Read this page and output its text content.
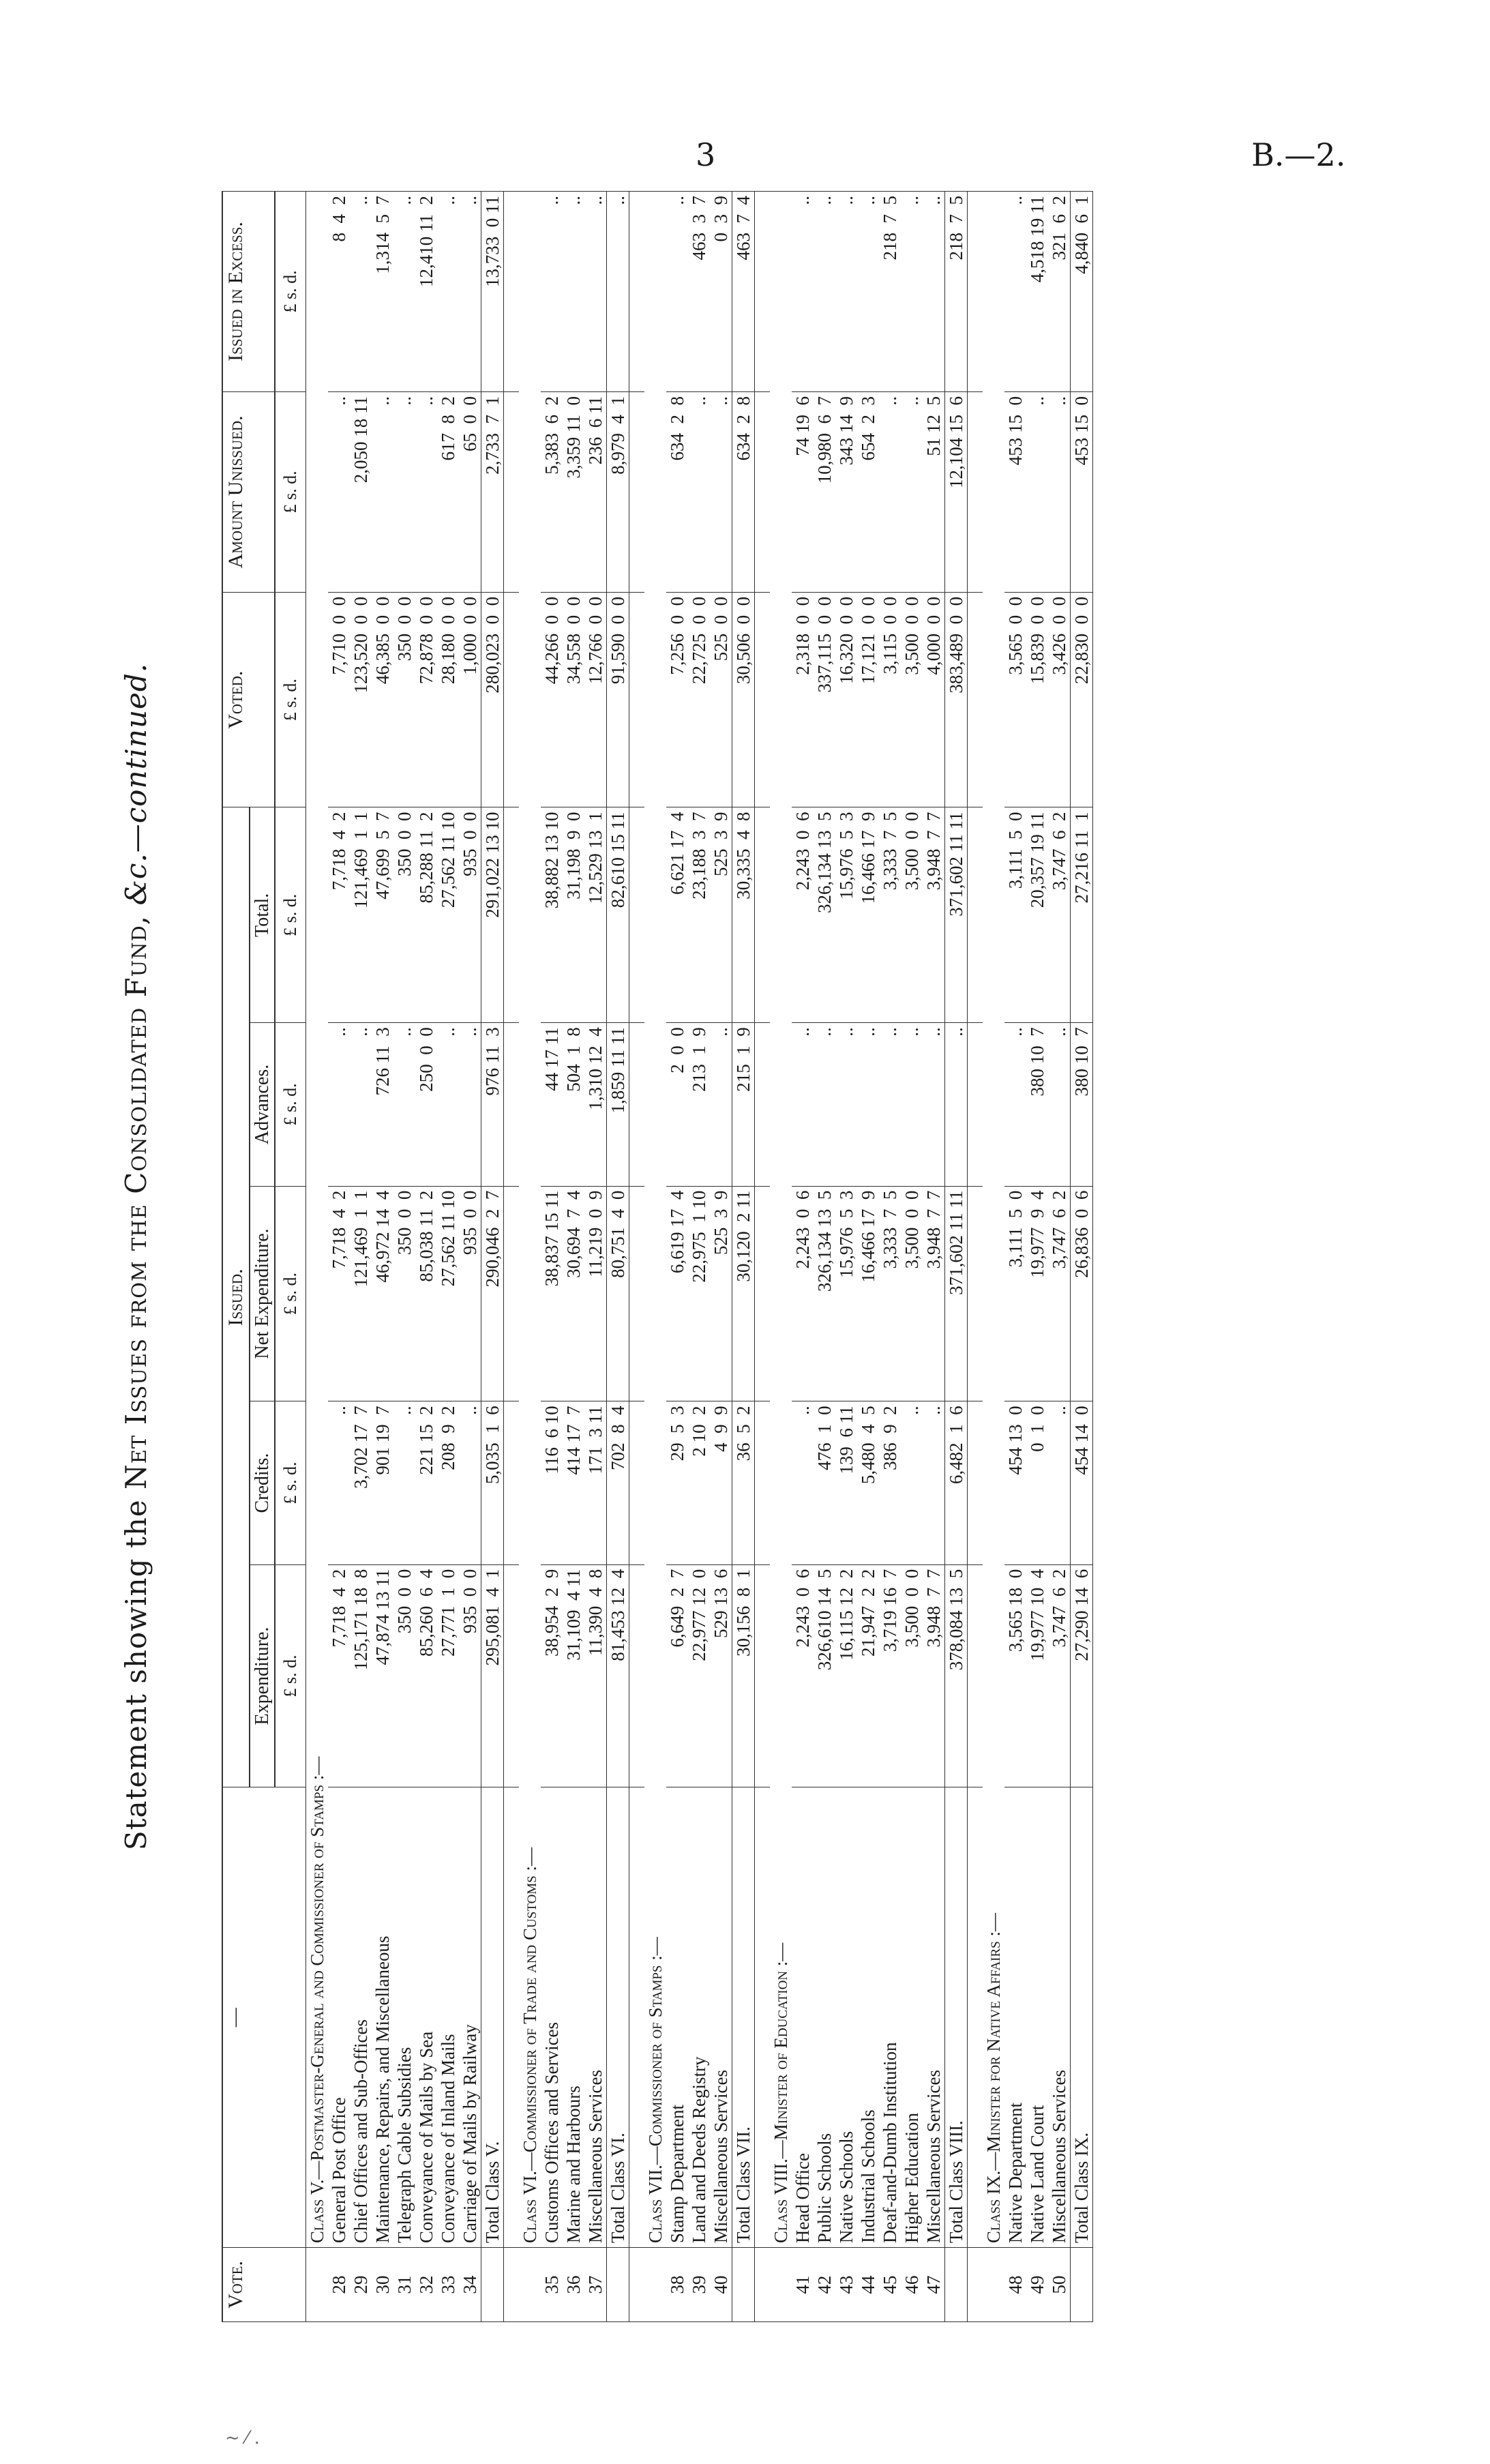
3	B.—2.
Statement showing the Net Issues from the Consolidated Fund, &c.—continued.
Vote.	—	Issued.					Voted.	Amount Unissued.	Issued in Excess.
		Expenditure.	Credits.	Net Expenditure.	Advances.	Total.			
		£ s. d.	£ s. d.	£ s. d.	£ s. d.	£ s. d.	£ s. d.	£ s. d.	£ s. d.
	Class V.—Postmaster-General and Commissioner of Stamps :—								
28	General Post Office	7,718  4  2	..	7,718  4  2	..	7,718  4  2	7,710  0  0	..	8  4  2
29	Chief Offices and Sub-Offices	125,171 18  8	3,702 17  7	121,469  1  1	..	121,469  1  1	123,520  0  0	2,050 18 11	..
30	Maintenance, Repairs, and Miscellaneous	47,874 13 11	901 19  7	46,972 14  4	726 11  3	47,699  5  7	46,385  0  0	..	1,314  5  7
31	Telegraph Cable Subsidies	350  0  0	..	350  0  0	..	350  0  0	350  0  0	..	..
32	Conveyance of Mails by Sea	85,260  6  4	221 15  2	85,038 11  2	250  0  0	85,288 11  2	72,878  0  0	..	12,410 11  2
33	Conveyance of Inland Mails	27,771  1  0	208  9  2	27,562 11 10	..	27,562 11 10	28,180  0  0	617  8  2	..
34	Carriage of Mails by Railway	935  0  0	..	935  0  0	..	935  0  0	1,000  0  0	65  0  0	..
	Total Class V.	295,081  4  1	5,035  1  6	290,046  2  7	976 11  3	291,022 13 10	280,023  0  0	2,733  7  1	13,733  0 11

	Class VI.—Commissioner of Trade and Customs :—								
35	Customs Offices and Services	38,954  2  9	116  6 10	38,837 15 11	44 17 11	38,882 13 10	44,266  0  0	5,383  6  2	..
36	Marine and Harbours	31,109  4 11	414 17  7	30,694  7  4	504  1  8	31,198  9  0	34,558  0  0	3,359 11  0	..
37	Miscellaneous Services	11,390  4  8	171  3 11	11,219  0  9	1,310 12  4	12,529 13  1	12,766  0  0	236  6 11	..
	Total Class VI.	81,453 12  4	702  8  4	80,751  4  0	1,859 11 11	82,610 15 11	91,590  0  0	8,979  4  1	..

	Class VII.—Commissioner of Stamps :—								
38	Stamp Department	6,649  2  7	29  5  3	6,619 17  4	2  0  0	6,621 17  4	7,256  0  0	634  2  8	..
39	Land and Deeds Registry	22,977 12  0	2 10  2	22,975  1 10	213  1  9	23,188  3  7	22,725  0  0	..	463  3  7
40	Miscellaneous Services	529 13  6	4  9  9	525  3  9	..	525  3  9	525  0  0	..	0  3  9
	Total Class VII.	30,156  8  1	36  5  2	30,120  2 11	215  1  9	30,335  4  8	30,506  0  0	634  2  8	463  7  4

	Class VIII.—Minister of Education :—								
41	Head Office	2,243  0  6	..	2,243  0  6	..	2,243  0  6	2,318  0  0	74 19  6	..
42	Public Schools	326,610 14  5	476  1  0	326,134 13  5	..	326,134 13  5	337,115  0  0	10,980  6  7	..
43	Native Schools	16,115 12  2	139  6 11	15,976  5  3	..	15,976  5  3	16,320  0  0	343 14  9	..
44	Industrial Schools	21,947  2  2	5,480  4  5	16,466 17  9	..	16,466 17  9	17,121  0  0	654  2  3	..
45	Deaf-and-Dumb Institution	3,719 16  7	386  9  2	3,333  7  5	..	3,333  7  5	3,115  0  0	..	218  7  5
46	Higher Education	3,500  0  0	..	3,500  0  0	..	3,500  0  0	3,500  0  0	..	..
47	Miscellaneous Services	3,948  7  7	..	3,948  7  7	..	3,948  7  7	4,000  0  0	51 12  5	..
	Total Class VIII.	378,084 13  5	6,482  1  6	371,602 11 11	..	371,602 11 11	383,489  0  0	12,104 15  6	218  7  5

	Class IX.—Minister for Native Affairs :—								
48	Native Department	3,565 18  0	454 13  0	3,111  5  0	..	3,111  5  0	3,565  0  0	453 15  0	..
49	Native Land Court	19,977 10  4	0  1  0	19,977  9  4	380 10  7	20,357 19 11	15,839  0  0	..	4,518 19 11
50	Miscellaneous Services	3,747  6  2	..	3,747  6  2	..	3,747  6  2	3,426  0  0	..	321  6  2
	Total Class IX.	27,290 14  6	454 14  0	26,836  0  6	380 10  7	27,216 11  1	22,830  0  0	453 15  0	4,840  6  1
~ ⁄ .
